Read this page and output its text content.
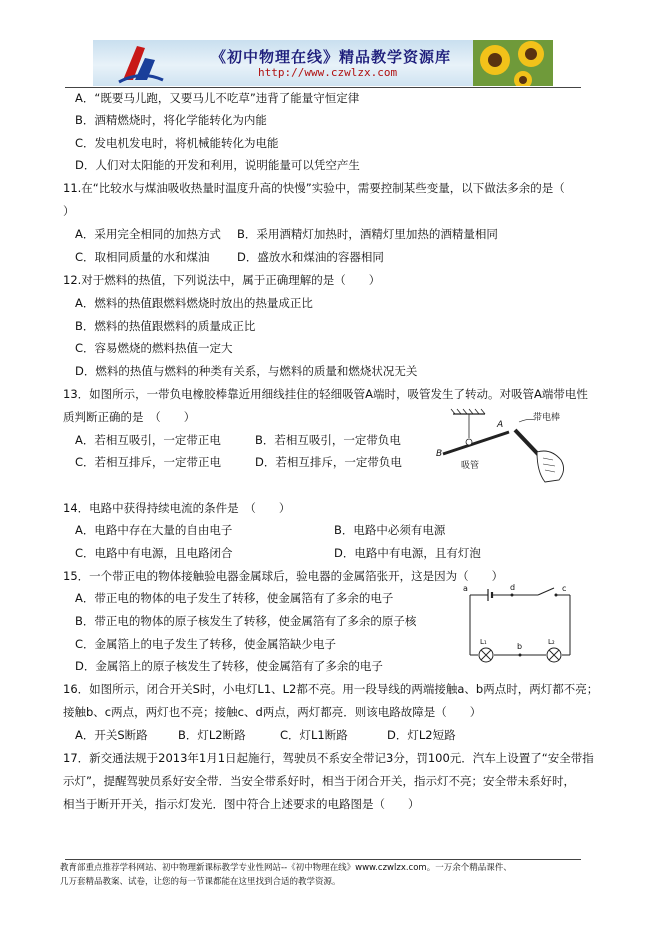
《初中物理在线》精品教学资源库
http://www.czwlzx.com
A．“既要马儿跑，又要马儿不吃草”违背了能量守恒定律
B．酒精燃烧时，将化学能转化为内能
C．发电机发电时，将机械能转化为电能
D．人们对太阳能的开发和利用，说明能量可以凭空产生
11.在“比较水与煤油吸收热量时温度升高的快慢”实验中，需要控制某些变量，以下做法多余的是（
）
A．采用完全相同的加热方式 B．采用酒精灯加热时，酒精灯里加热的酒精量相同
C．取相同质量的水和煤油 D．盛放水和煤油的容器相同
12.对于燃料的热值，下列说法中，属于正确理解的是（　　）
A．燃料的热值跟燃料燃烧时放出的热量成正比
B．燃料的热值跟燃料的质量成正比
C．容易燃烧的燃料热值一定大
D．燃料的热值与燃料的种类有关系，与燃料的质量和燃烧状况无关
13．如图所示，一带负电橡胶棒靠近用细线挂住的轻细吸管A端时，吸管发生了转动。对吸管A端带电性
质判断正确的是　（　　）
A．若相互吸引，一定带正电	B．若相互吸引，一定带负电
C．若相互排斥，一定带正电	D．若相互排斥，一定带负电
14．电路中获得持续电流的条件是　（　　）
A．电路中存在大量的自由电子	B．电路中必须有电源
C．电路中有电源，且电路闭合	D．电路中有电源，且有灯泡
15．一个带正电的物体接触验电器金属球后，验电器的金属箔张开，这是因为（　　）
A．带正电的物体的电子发生了转移，使金属箔有了多余的电子
B．带正电的物体的原子核发生了转移，使金属箔有了多余的原子核
C．金属箔上的电子发生了转移，使金属箔缺少电子
D．金属箔上的原子核发生了转移，使金属箔有了多余的电子
16．如图所示，闭合开关S时，小电灯L1、L2都不亮。用一段导线的两端接触a、b两点时，两灯都不亮；
接触b、c两点，两灯也不亮；接触c、d两点，两灯都亮．则该电路故障是（　　）
A．开关S断路	B．灯L2断路	C．灯L1断路	D．灯L2短路
17．新交通法规于2013年1月1日起施行，驾驶员不系安全带记3分，罚100元．汽车上设置了“安全带指
示灯”，提醒驾驶员系好安全带．当安全带系好时，相当于闭合开关，指示灯不亮；安全带未系好时，
相当于断开开关，指示灯发光．图中符合上述要求的电路图是（　　）
带电棒
A
B
吸管
a	d	c
b
L₁	L₂
教育部重点推荐学科网站、初中物理新课标教学专业性网站--《初中物理在线》www.czwlzx.com。一万余个精品课件、
几万套精品教案、试卷，让您的每一节课都能在这里找到合适的教学资源。
